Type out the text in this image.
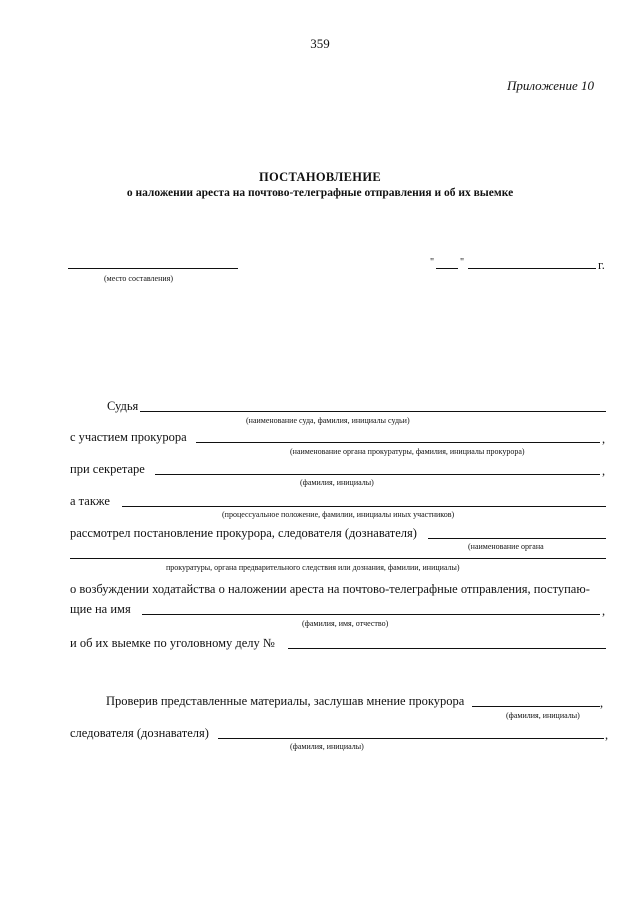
359
Приложение 10
ПОСТАНОВЛЕНИЕ
о наложении ареста на почтово-телеграфные отправления и об их выемке
(место составления)
"	"	г.
Судья
(наименование суда, фамилия, инициалы судьи)
с участием прокурора	,
(наименование органа прокуратуры, фамилия, инициалы прокурора)
при секретаре	,
(фамилия, инициалы)
а также
(процессуальное положение, фамилии, инициалы иных участников)
рассмотрел постановление прокурора, следователя (дознавателя)
(наименование органа
прокуратуры, органа предварительного следствия или дознания, фамилии, инициалы)
о возбуждении ходатайства о наложении ареста на почтово-телеграфные отправления, поступаю-
щие на имя	,
(фамилия, имя, отчество)
и об их выемке по уголовному делу №
Проверив представленные материалы, заслушав мнение прокурора	,
(фамилия, инициалы)
следователя (дознавателя)	,
(фамилия, инициалы)
